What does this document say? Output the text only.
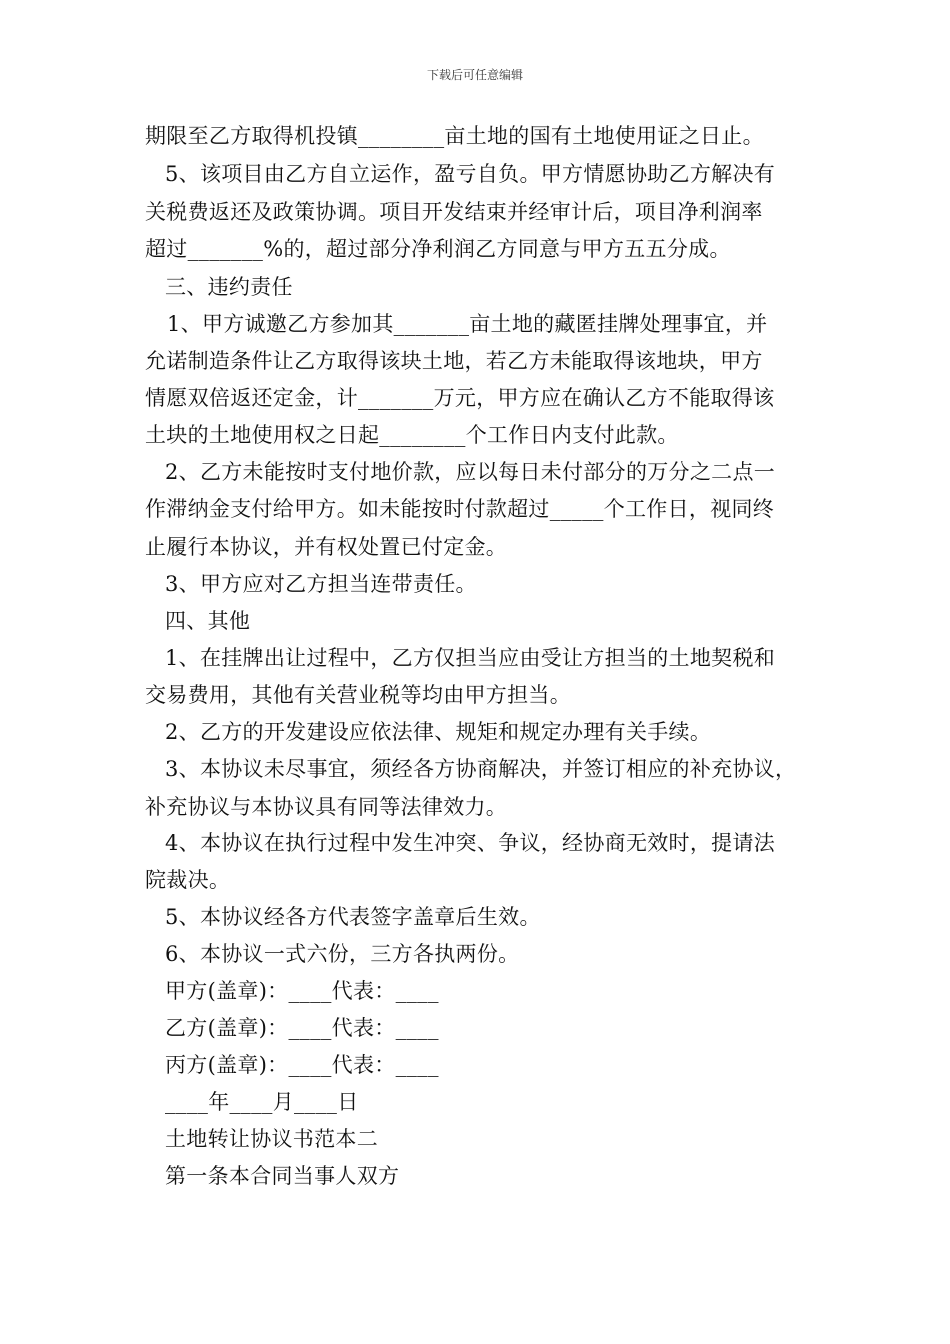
下载后可任意编辑
期限至乙方取得机投镇________亩土地的国有土地使用证之日止。
5、该项目由乙方自立运作，盈亏自负。甲方情愿协助乙方解决有
关税费返还及政策协调。项目开发结束并经审计后，项目净利润率
超过_______%的，超过部分净利润乙方同意与甲方五五分成。
三、违约责任
1、甲方诚邀乙方参加其_______亩土地的藏匿挂牌处理事宜，并
允诺制造条件让乙方取得该块土地，若乙方未能取得该地块，甲方
情愿双倍返还定金，计_______万元，甲方应在确认乙方不能取得该
土块的土地使用权之日起________个工作日内支付此款。
2、乙方未能按时支付地价款，应以每日未付部分的万分之二点一
作滞纳金支付给甲方。如未能按时付款超过_____个工作日，视同终
止履行本协议，并有权处置已付定金。
3、甲方应对乙方担当连带责任。
四、其他
1、在挂牌出让过程中，乙方仅担当应由受让方担当的土地契税和
交易费用，其他有关营业税等均由甲方担当。
2、乙方的开发建设应依法律、规矩和规定办理有关手续。
3、本协议未尽事宜，须经各方协商解决，并签订相应的补充协议，
补充协议与本协议具有同等法律效力。
4、本协议在执行过程中发生冲突、争议，经协商无效时，提请法
院裁决。
5、本协议经各方代表签字盖章后生效。
6、本协议一式六份，三方各执两份。
甲方(盖章)：____代表：____
乙方(盖章)：____代表：____
丙方(盖章)：____代表：____
____年____月____日
土地转让协议书范本二
第一条本合同当事人双方
